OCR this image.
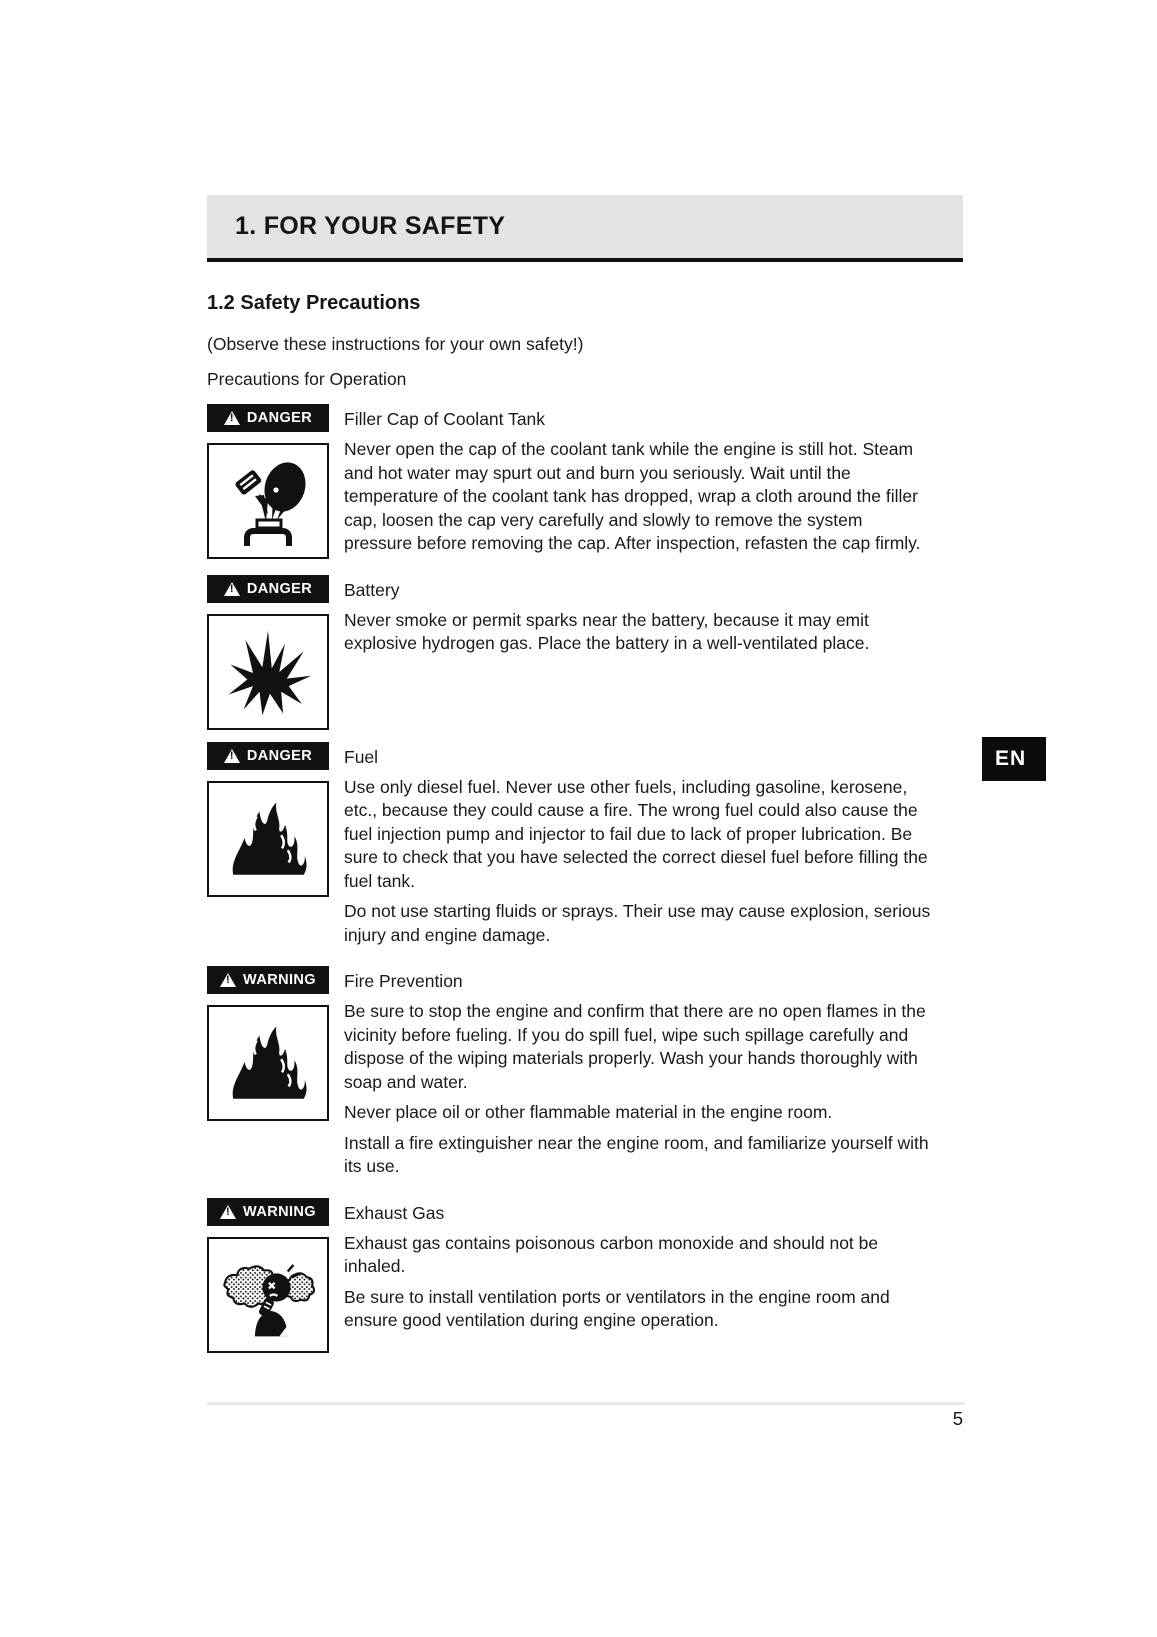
1. FOR YOUR SAFETY
1.2 Safety Precautions

(Observe these instructions for your own safety!)

Precautions for Operation

!
DANGER Filler Cap of Coolant Tank

Never open the cap of the coolant tank while the engine is still hot. Steam and hot water may spurt out and burn you seriously. Wait until the temperature of the coolant tank has dropped, wrap a cloth around the filler cap, loosen the cap very carefully and slowly to remove the system pressure before removing the cap. After inspection, refasten the cap firmly.

!
DANGER Battery

Never smoke or permit sparks near the battery, because it may emit explosive hydrogen gas. Place the battery in a well-ventilated place.

!
DANGER Fuel

Use only diesel fuel. Never use other fuels, including gasoline, kerosene, etc., because they could cause a fire. The wrong fuel could also cause the fuel injection pump and injector to fail due to lack of proper lubrication. Be sure to check that you have selected the correct diesel fuel before filling the fuel tank.

Do not use starting fluids or sprays. Their use may cause explosion, serious injury and engine damage.

!
WARNING Fire Prevention

Be sure to stop the engine and confirm that there are no open flames in the vicinity before fueling. If you do spill fuel, wipe such spillage carefully and dispose of the wiping materials properly. Wash your hands thoroughly with soap and water.

Never place oil or other flammable material in the engine room.

Install a fire extinguisher near the engine room, and familiarize yourself with its use.

!
WARNING Exhaust Gas

Exhaust gas contains poisonous carbon monoxide and should not be inhaled.

Be sure to install ventilation ports or ventilators in the engine room and ensure good ventilation during engine operation.

EN
5
